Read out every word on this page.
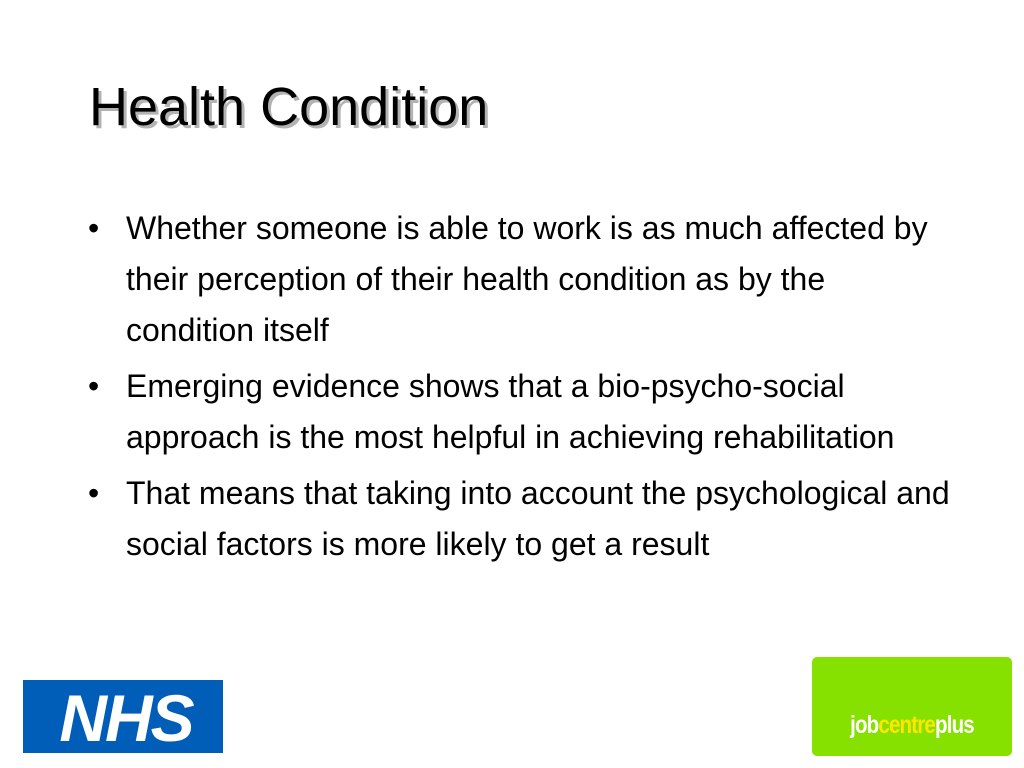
Health Condition
• Whether someone is able to work is as much affected by their perception of their health condition as by the condition itself
• Emerging evidence shows that a bio-psycho-social approach is the most helpful in achieving rehabilitation
• That means that taking into account the psychological and social factors is more likely to get a result
NHS	jobcentreplus
